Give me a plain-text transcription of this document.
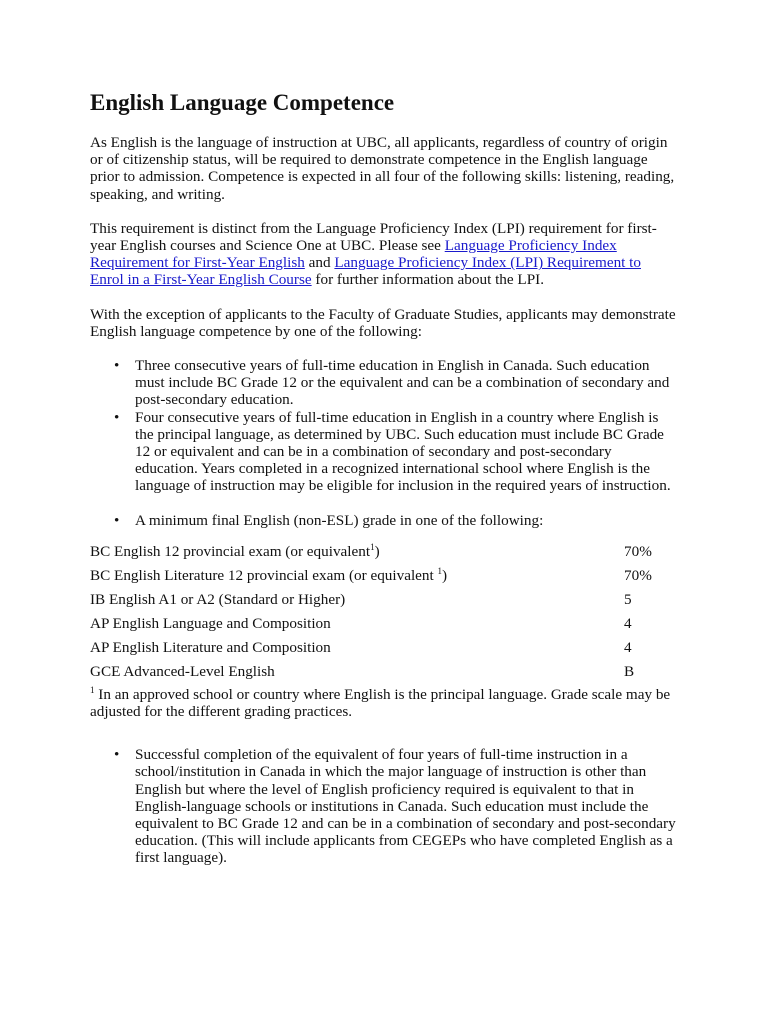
English Language Competence

As English is the language of instruction at UBC, all applicants, regardless of country of origin or of citizenship status, will be required to demonstrate competence in the English language prior to admission. Competence is expected in all four of the following skills: listening, reading, speaking, and writing.

This requirement is distinct from the Language Proficiency Index (LPI) requirement for first-year English courses and Science One at UBC. Please see Language Proficiency Index Requirement for First-Year English and Language Proficiency Index (LPI) Requirement to Enrol in a First-Year English Course for further information about the LPI.

With the exception of applicants to the Faculty of Graduate Studies, applicants may demonstrate English language competence by one of the following:

• Three consecutive years of full-time education in English in Canada. Such education must include BC Grade 12 or the equivalent and can be a combination of secondary and post-secondary education.
• Four consecutive years of full-time education in English in a country where English is the principal language, as determined by UBC. Such education must include BC Grade 12 or equivalent and can be in a combination of secondary and post-secondary education. Years completed in a recognized international school where English is the language of instruction may be eligible for inclusion in the required years of instruction.
• A minimum final English (non-ESL) grade in one of the following:
BC English 12 provincial exam (or equivalent$^1$)	70%
BC English Literature 12 provincial exam (or equivalent $^1$)	70%
IB English A1 or A2 (Standard or Higher)	5
AP English Language and Composition	4
AP English Literature and Composition	4
GCE Advanced-Level English	B
$^1$ In an approved school or country where English is the principal language. Grade scale may be adjusted for the different grading practices.
• Successful completion of the equivalent of four years of full-time instruction in a school/institution in Canada in which the major language of instruction is other than English but where the level of English proficiency required is equivalent to that in English-language schools or institutions in Canada. Such education must include the equivalent to BC Grade 12 and can be in a combination of secondary and post-secondary education. (This will include applicants from CEGEPs who have completed English as a first language).
